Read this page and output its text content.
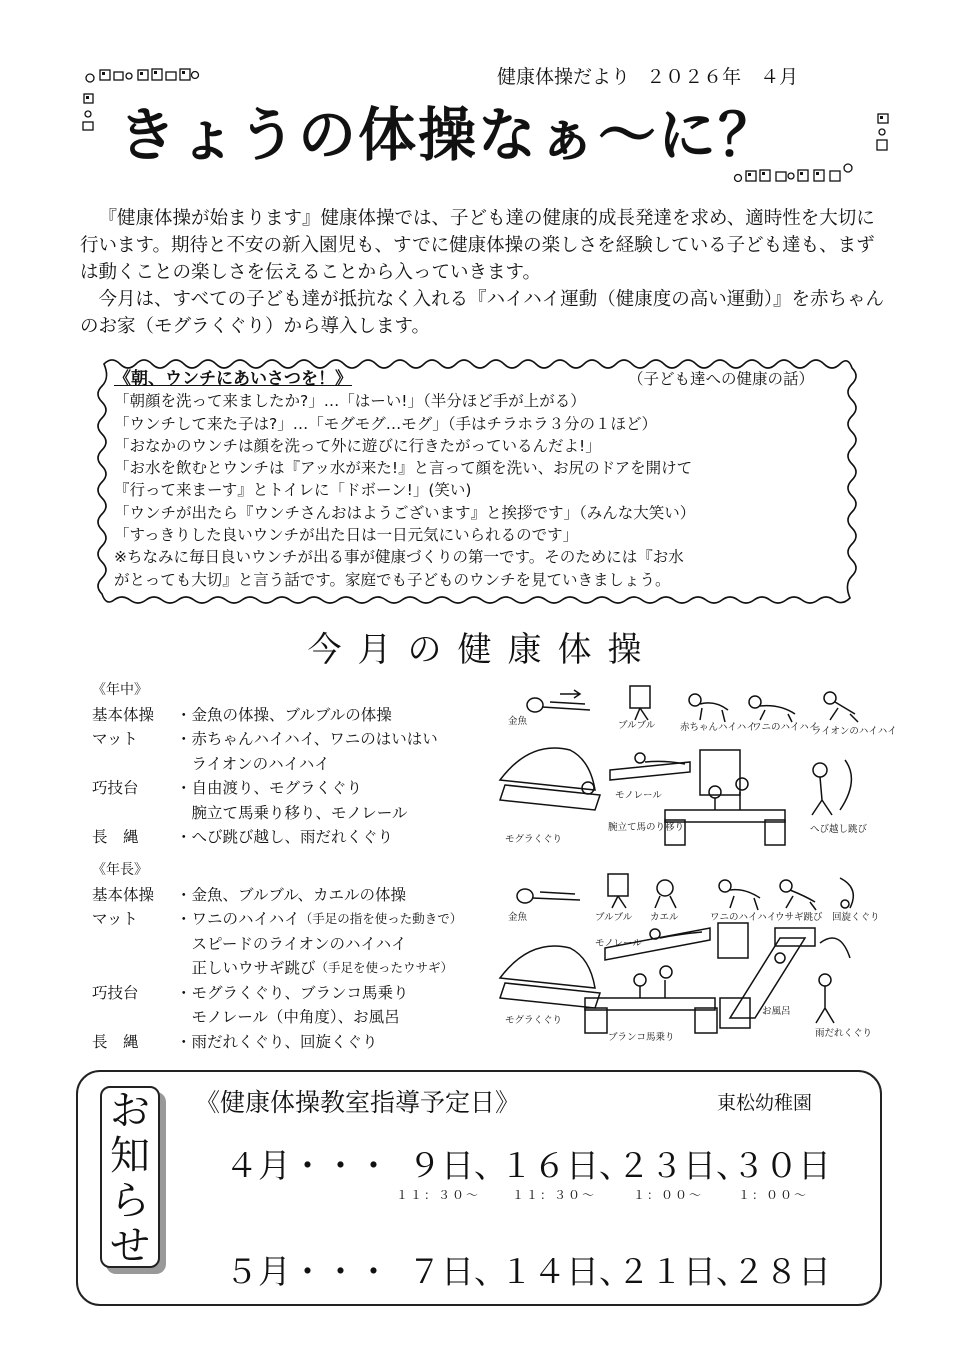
健康体操だより ２０２６年　４月
きょうの体操なぁ〜に？

『健康体操が始まります』健康体操では、子ども達の健康的成長発達を求め、適時性を大切に行います。期待と不安の新入園児も、すでに健康体操の楽しさを経験している子ども達も、まずは動くことの楽しさを伝えることから入っていきます。

今月は、すべての子ども達が抵抗なく入れる『ハイハイ運動（健康度の高い運動）』を赤ちゃんのお家（モグラくぐり）から導入します。

《朝、ウンチにあいさつを！》	（子ども達への健康の話）
「朝顔を洗って来ましたか?」…「はーい!」（半分ほど手が上がる）
「ウンチして来た子は?」…「モグモグ…モグ」（手はチラホラ３分の１ほど）
「おなかのウンチは顔を洗って外に遊びに行きたがっているんだよ!」
「お水を飲むとウンチは『アッ水が来た!』と言って顔を洗い、お尻のドアを開けて
『行って来まーす』とトイレに「ドボーン!」(笑い)
「ウンチが出たら『ウンチさんおはようございます』と挨拶です」（みんな大笑い）
「すっきりした良いウンチが出た日は一日元気にいられるのです」
※ちなみに毎日良いウンチが出る事が健康づくりの第一です。そのためには『お水
がとっても大切』と言う話です。家庭でも子どものウンチを見ていきましょう。
今月の健康体操
《年中》
基本体操	・金魚の体操、ブルブルの体操
マット	・赤ちゃんハイハイ、ワニのはいはい
　ライオンのハイハイ
巧技台	・自由渡り、モグラくぐり
　腕立て馬乗り移り、モノレール
長　縄	・へび跳び越し、雨だれくぐり
《年長》
基本体操	・金魚、ブルブル、カエルの体操
マット	・ワニのハイハイ （手足の指を使った動きで）
　スピードのライオンのハイハイ
　正しいウサギ跳び （手足を使ったウサギ）
巧技台	・モグラくぐり、ブランコ馬乗り
　モノレール（中角度）、お風呂
長　縄	・雨だれくぐり、回旋くぐり
金魚	ブルブル	赤ちゃんハイハイ
ワニのハイハイ
ライオンのハイハイ
モノレール
腕立て馬のり移り
モグラくぐり
へび越し跳び
金魚	ブルブル カエル	ワニのハイハイ
ウサギ跳び 回旋くぐり
モノレール
モグラくぐり
ブランコ馬乗り
お風呂
雨だれくぐり
お
知
ら
せ
《健康体操教室指導予定日》	東松幼稚園
４月・・・ ９日、
１６日、
２３日、
３０日
１１：３０〜	１１：３０〜	１：００〜	１：００〜
５月・・・ ７日、
１４日、
２１日、
２８日
